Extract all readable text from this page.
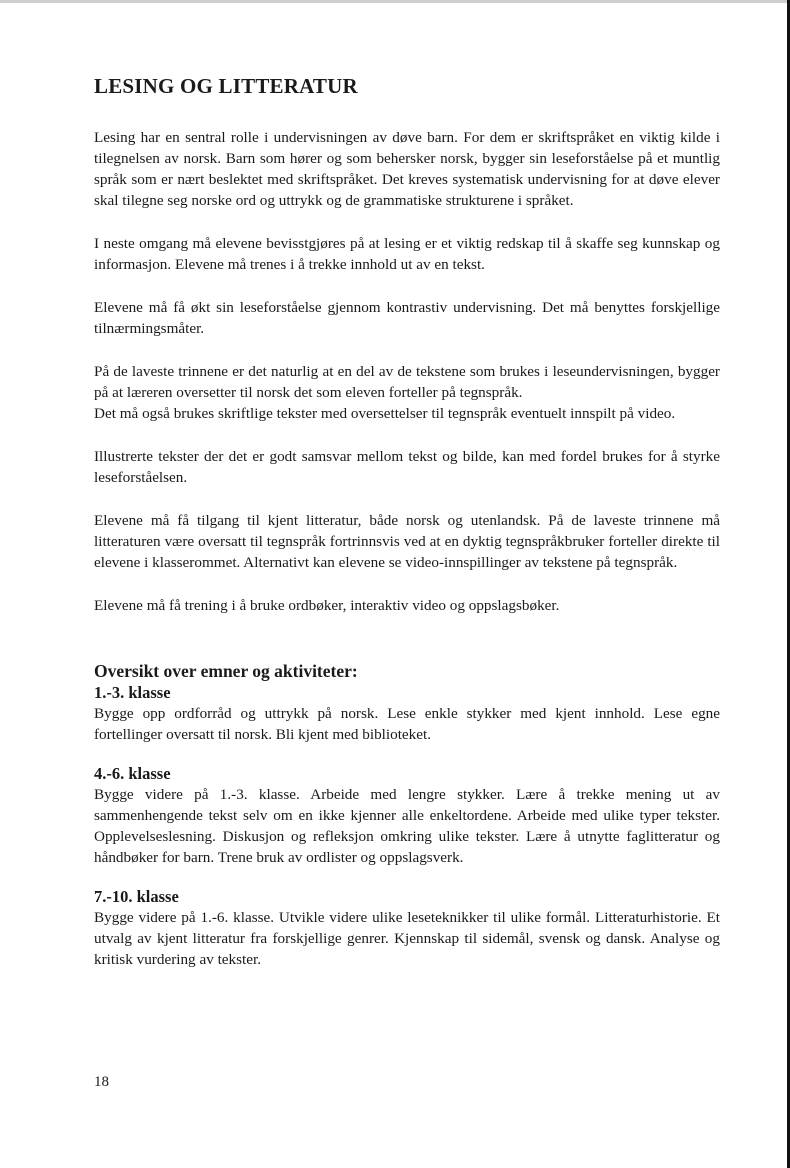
LESING OG LITTERATUR

Lesing har en sentral rolle i undervisningen av døve barn. For dem er skriftspråket en viktig kilde i tilegnelsen av norsk. Barn som hører og som behersker norsk, bygger sin leseforståelse på et muntlig språk som er nært beslektet med skriftspråket. Det kreves systematisk undervisning for at døve elever skal tilegne seg norske ord og uttrykk og de grammatiske strukturene i språket.

I neste omgang må elevene bevisstgjøres på at lesing er et viktig redskap til å skaffe seg kunnskap og informasjon. Elevene må trenes i å trekke innhold ut av en tekst.

Elevene må få økt sin leseforståelse gjennom kontrastiv undervisning. Det må benyttes forskjellige tilnærmingsmåter.

På de laveste trinnene er det naturlig at en del av de tekstene som brukes i leseundervisningen, bygger på at læreren oversetter til norsk det som eleven forteller på tegnspråk.
Det må også brukes skriftlige tekster med oversettelser til tegnspråk eventuelt innspilt på video.

Illustrerte tekster der det er godt samsvar mellom tekst og bilde, kan med fordel brukes for å styrke leseforståelsen.

Elevene må få tilgang til kjent litteratur, både norsk og utenlandsk. På de laveste trinnene må litteraturen være oversatt til tegnspråk fortrinnsvis ved at en dyktig tegnspråkbruker forteller direkte til elevene i klasserommet. Alternativt kan elevene se video-innspillinger av tekstene på tegnspråk.

Elevene må få trening i å bruke ordbøker, interaktiv video og oppslagsbøker.

Oversikt over emner og aktiviteter:
1.-3. klasse

Bygge opp ordforråd og uttrykk på norsk. Lese enkle stykker med kjent innhold. Lese egne fortellinger oversatt til norsk. Bli kjent med biblioteket.

4.-6. klasse

Bygge videre på 1.-3. klasse. Arbeide med lengre stykker. Lære å trekke mening ut av sammenhengende tekst selv om en ikke kjenner alle enkeltordene. Arbeide med ulike typer tekster. Opplevelseslesning. Diskusjon og refleksjon omkring ulike tekster. Lære å utnytte faglitteratur og håndbøker for barn. Trene bruk av ordlister og oppslagsverk.

7.-10. klasse

Bygge videre på 1.-6. klasse. Utvikle videre ulike leseteknikker til ulike formål. Litteraturhistorie. Et utvalg av kjent litteratur fra forskjellige genrer. Kjennskap til sidemål, svensk og dansk. Analyse og kritisk vurdering av tekster.

18
